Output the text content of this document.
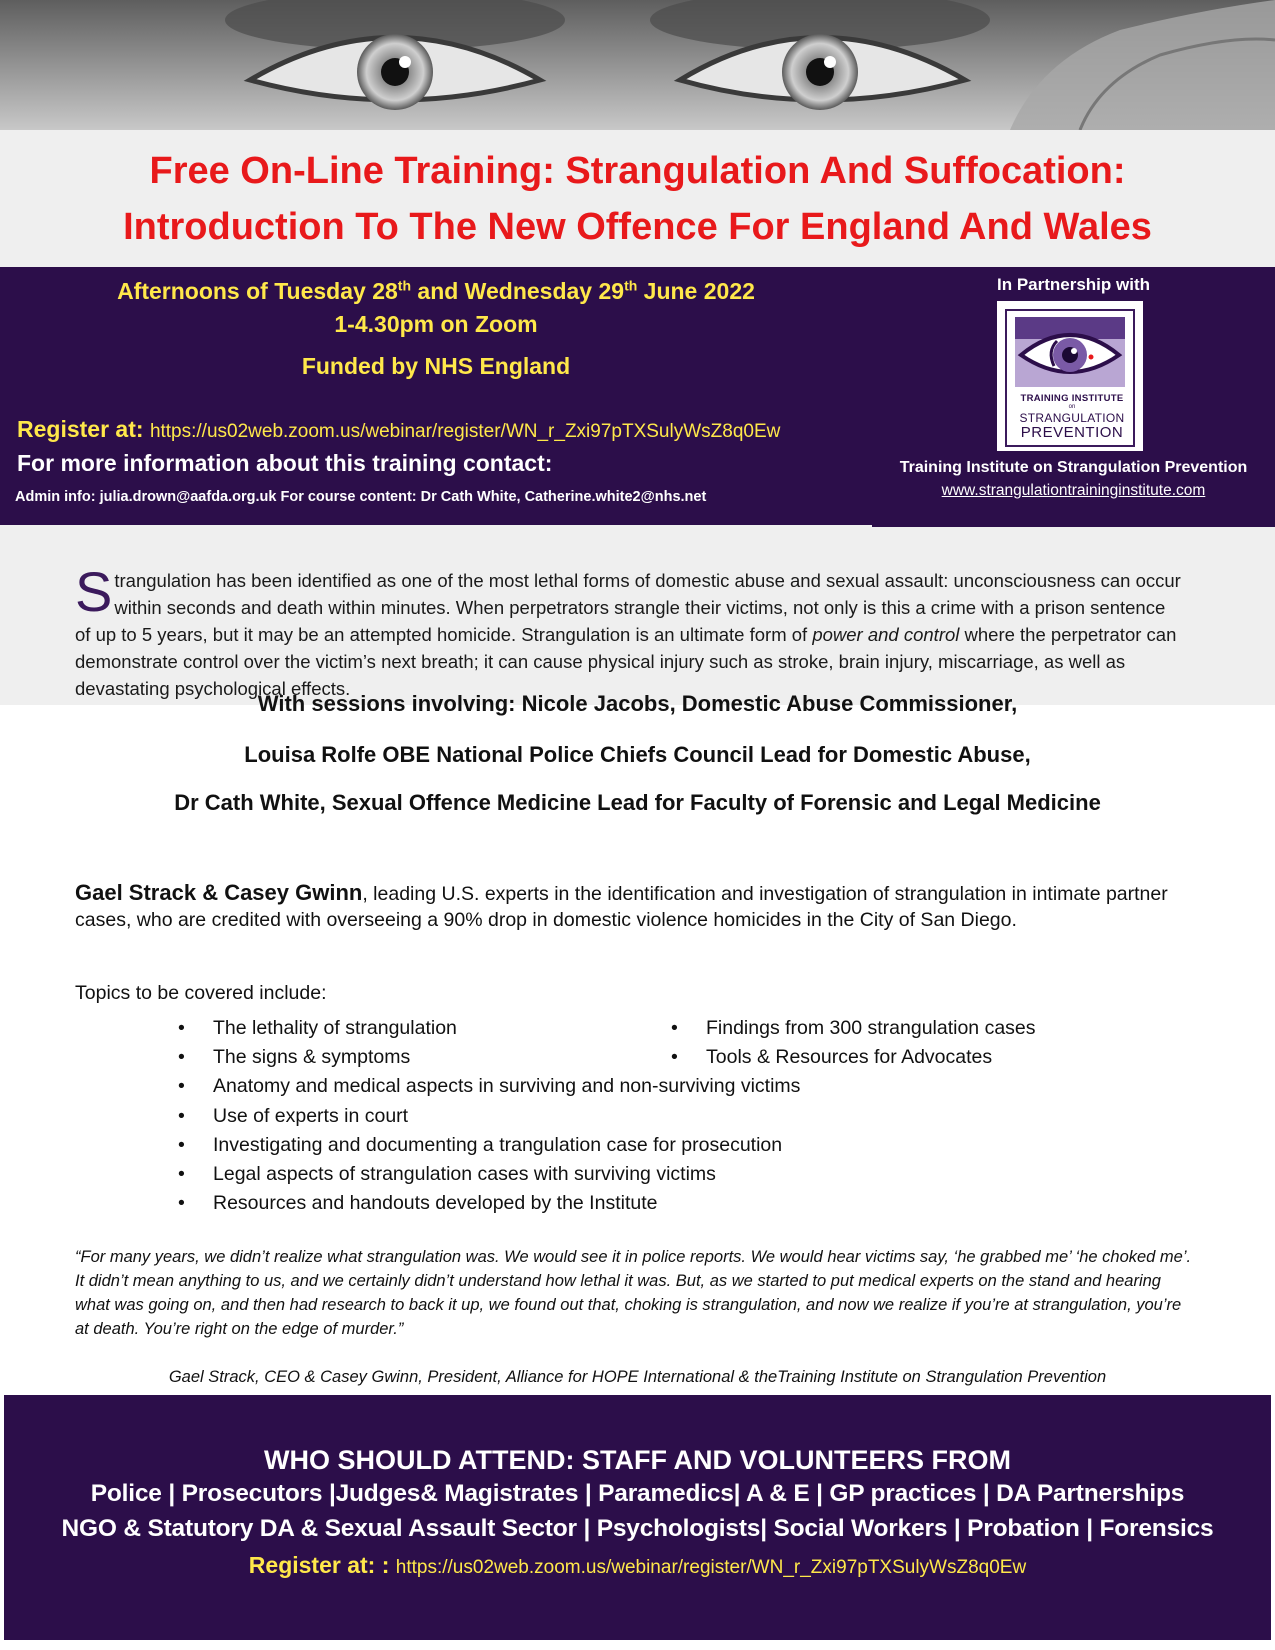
Free On-Line Training: Strangulation And Suffocation:
Introduction To The New Offence For England And Wales
Afternoons of Tuesday 28th and Wednesday 29th June 2022
1-4.30pm on Zoom
Funded by NHS England
Register at: https://us02web.zoom.us/webinar/register/WN_r_Zxi97pTXSulyWsZ8q0Ew
For more information about this training contact:
Admin info: julia.drown@aafda.org.uk For course content: Dr Cath White, Catherine.white2@nhs.net
In Partnership with
TRAINING INSTITUTE
on
STRANGULATION
PREVENTION
Training Institute on Strangulation Prevention
www.strangulationtraininginstitute.com
Strangulation has been identified as one of the most lethal forms of domestic abuse and sexual assault: unconsciousness can occur within seconds and death within minutes. When perpetrators strangle their victims, not only is this a crime with a prison sentence of up to 5 years, but it may be an attempted homicide. Strangulation is an ultimate form of power and control where the perpetrator can demonstrate control over the victim’s next breath; it can cause physical injury such as stroke, brain injury, miscarriage, as well as devastating psychological effects.
With sessions involving: Nicole Jacobs, Domestic Abuse Commissioner,
Louisa Rolfe OBE National Police Chiefs Council Lead for Domestic Abuse,
Dr Cath White, Sexual Offence Medicine Lead for Faculty of Forensic and Legal Medicine
Gael Strack & Casey Gwinn, leading U.S. experts in the identification and investigation of strangulation in intimate partner cases, who are credited with overseeing a 90% drop in domestic violence homicides in the City of San Diego.
Topics to be covered include:
• The lethality of strangulation
• The signs & symptoms
• Anatomy and medical aspects in surviving and non-surviving victims
• Use of experts in court
• Investigating and documenting a trangulation case for prosecution
• Legal aspects of strangulation cases with surviving victims
• Resources and handouts developed by the Institute
• Findings from 300 strangulation cases
• Tools & Resources for Advocates
“For many years, we didn’t realize what strangulation was. We would see it in police reports. We would hear victims say, ‘he grabbed me’ ‘he choked me’. It didn’t mean anything to us, and we certainly didn’t understand how lethal it was. But, as we started to put medical experts on the stand and hearing what was going on, and then had research to back it up, we found out that, choking is strangulation, and now we realize if you’re at strangulation, you’re at death. You’re right on the edge of murder.”
Gael Strack, CEO & Casey Gwinn, President, Alliance for HOPE International & theTraining Institute on Strangulation Prevention
WHO SHOULD ATTEND: STAFF AND VOLUNTEERS FROM
Police | Prosecutors |Judges& Magistrates | Paramedics| A & E | GP practices | DA Partnerships
NGO & Statutory DA & Sexual Assault Sector | Psychologists| Social Workers | Probation | Forensics
Register at: : https://us02web.zoom.us/webinar/register/WN_r_Zxi97pTXSulyWsZ8q0Ew
